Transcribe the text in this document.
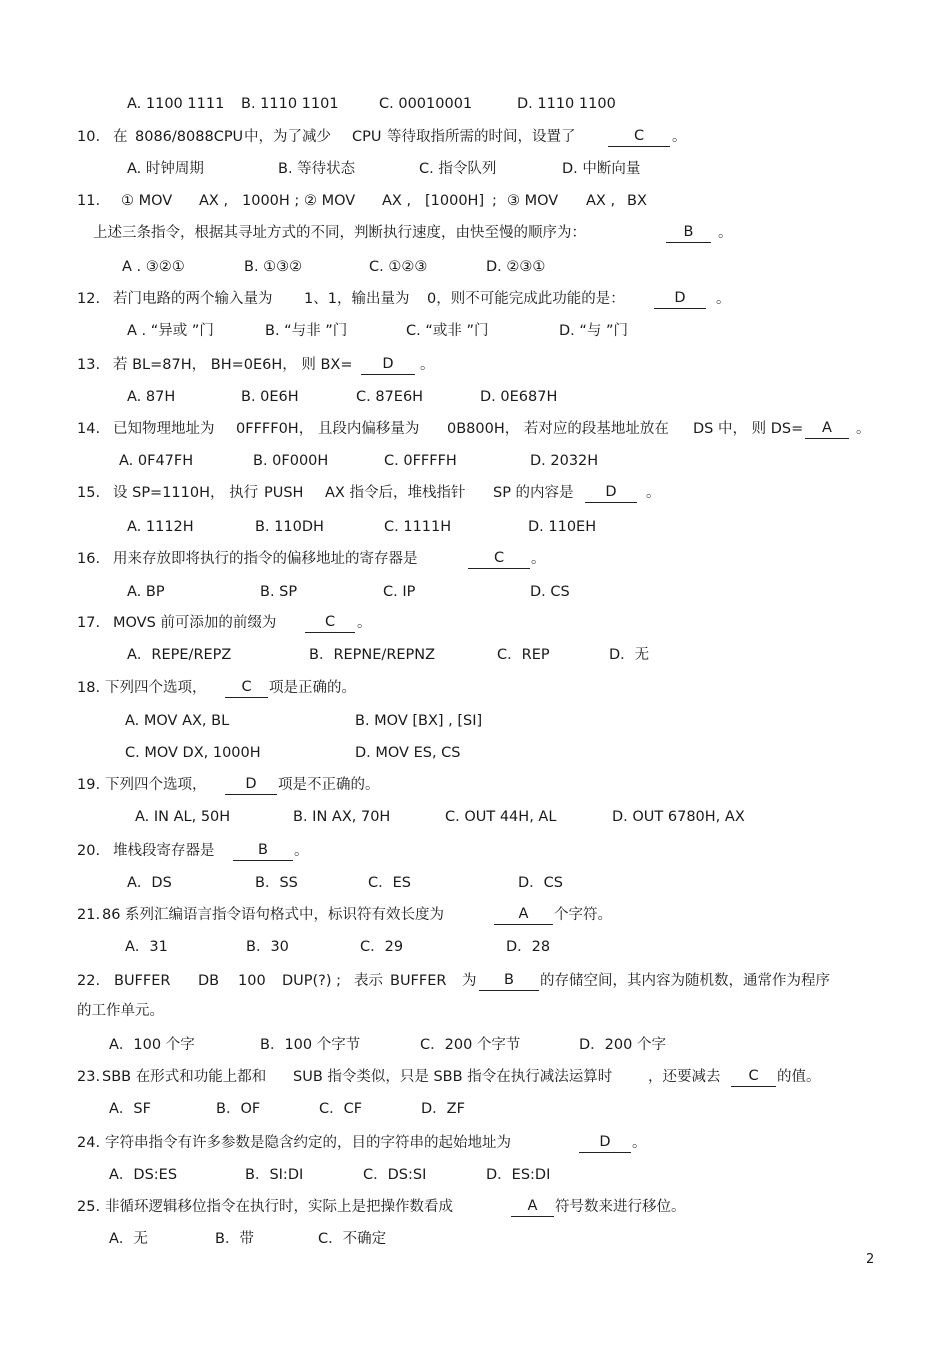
A. 1100 1111 B. 1110 1101	C. 00010001	D. 1110 1100
10. 在 8086/8088CPU 中，为了减少 CPU 等待取指所需的时间，设置了	C	。
A. 时钟周期	B. 等待状态	C. 指令队列	D. 中断向量
11. ① MOV AX , 1000H ; ② MOV AX , [1000H] ; ③ MOV AX , BX
上述三条指令，根据其寻址方式的不同，判断执行速度，由快至慢的顺序为：	B	。
A . ③②①	B. ①③②	C. ①②③	D. ②③①
12. 若门电路的两个输入量为 1、1，输出量为 0，则不可能完成此功能的是：	D	。
A . “异或 ”门	B. “与非 ”门	C. “或非 ”门	D. “与 ”门
13. 若 BL=87H， BH=0E6H， 则 BX=	D	。
A. 87H	B. 0E6H	C. 87E6H	D. 0E687H
14. 已知物理地址为 0FFFF0H， 且段内偏移量为 0B800H， 若对应的段基地址放在 DS 中， 则 DS=	A	。
A. 0F47FH	B. 0F000H	C. 0FFFFH	D. 2032H
15. 设 SP=1110H， 执行 PUSH AX 指令后，堆栈指针 SP 的内容是	D	。
A. 1112H	B. 110DH	C. 1111H	D. 110EH
16. 用来存放即将执行的指令的偏移地址的寄存器是	C	。
A. BP	B. SP	C. IP	D. CS
17. MOVS 前可添加的前缀为	C	。
A．REPE/REPZ	B．REPNE/REPNZ	C．REP	D．无
18. 下列四个选项，	C	项是正确的。
A. MOV AX, BL	B. MOV [BX] , [SI]
C. MOV DX, 1000H	D. MOV ES, CS
19. 下列四个选项，	D	项是不正确的。
A. IN AL, 50H	B. IN AX, 70H	C. OUT 44H, AL	D. OUT 6780H, AX
20. 堆栈段寄存器是	B	。
A．DS	B．SS	C．ES	D．CS
21. 86 系列汇编语言指令语句格式中，标识符有效长度为	A	个字符。
A．31	B．30	C．29	D．28
22. BUFFER DB 100 DUP(?) ; 表示 BUFFER 为	B	的存储空间，其内容为随机数，通常作为程序
的工作单元。
A．100 个字	B．100 个字节	C．200 个字节	D．200 个字
23. SBB 在形式和功能上都和 SUB 指令类似，只是 SBB 指令在执行减法运算时 ，还要减去	C	的值。
A．SF	B．OF	C．CF	D．ZF
24. 字符串指令有许多参数是隐含约定的，目的字符串的起始地址为	D	。
A．DS:ES	B．SI:DI	C．DS:SI	D．ES:DI
25. 非循环逻辑移位指令在执行时，实际上是把操作数看成	A	符号数来进行移位。
A．无	B．带	C．不确定
2
